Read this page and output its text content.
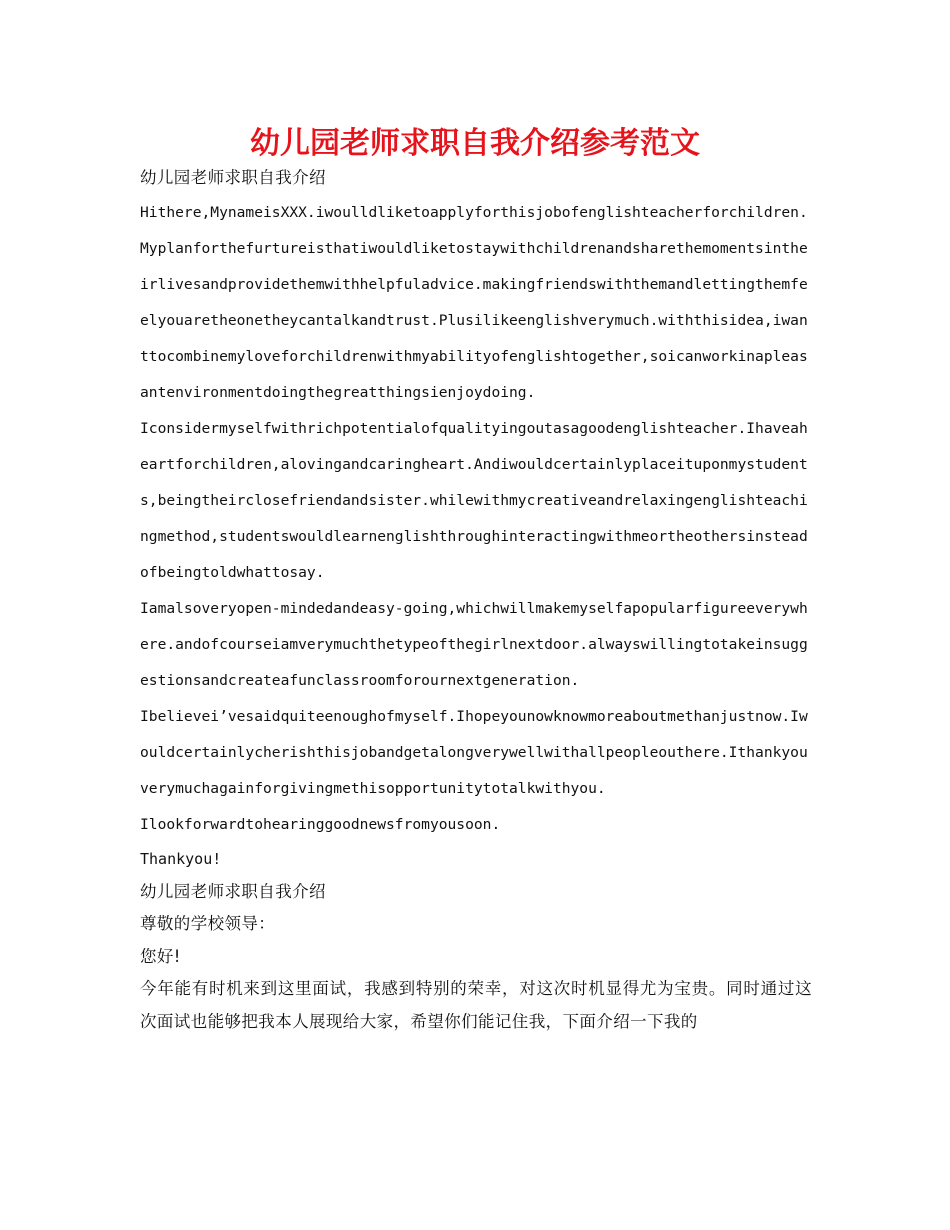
幼儿园老师求职自我介绍参考范文

幼儿园老师求职自我介绍

Hithere,MynameisXXX.iwoulldliketoapplyforthisjobofenglishteacherforchildren.

Myplanforthefurtureisthatiwouldliketostaywithchildrenandsharethemomentsintheirlivesandprovidethemwithhelpfuladvice.makingfriendswiththemandlettingthemfeelyouaretheonetheycantalkandtrust.Plusilikeenglishverymuch.withthisidea,iwanttocombinemyloveforchildrenwithmyabilityofenglishtogether,soicanworkinapleasantenvironmentdoingthegreatthingsienjoydoing.

Iconsidermyselfwithrichpotentialofqualityingoutasagoodenglishteacher.Ihaveaheartforchildren,alovingandcaringheart.Andiwouldcertainlyplaceituponmystudents,beingtheirclosefriendandsister.whilewithmycreativeandrelaxingenglishteachingmethod,studentswouldlearnenglishthroughinteractingwithmeortheothersinsteadofbeingtoldwhattosay.

Iamalsoveryopen-mindedandeasy-going,whichwillmakemyselfapopularfigureeverywhere.andofcourseiamverymuchthetypeofthegirlnextdoor.alwayswillingtotakeinsuggestionsandcreateafunclassroomforournextgeneration.

Ibelievei’vesaidquiteenoughofmyself.Ihopeyounowknowmoreaboutmethanjustnow.Iwouldcertainlycherishthisjobandgetalongverywellwithallpeopleouthere.Ithankyouverymuchagainforgivingmethisopportunitytotalkwithyou.

Ilookforwardtohearinggoodnewsfromyousoon.

Thankyou!

幼儿园老师求职自我介绍

尊敬的学校领导：

您好!

今年能有时机来到这里面试，我感到特别的荣幸，对这次时机显得尤为宝贵。同时通过这次面试也能够把我本人展现给大家，希望你们能记住我，下面介绍一下我的
